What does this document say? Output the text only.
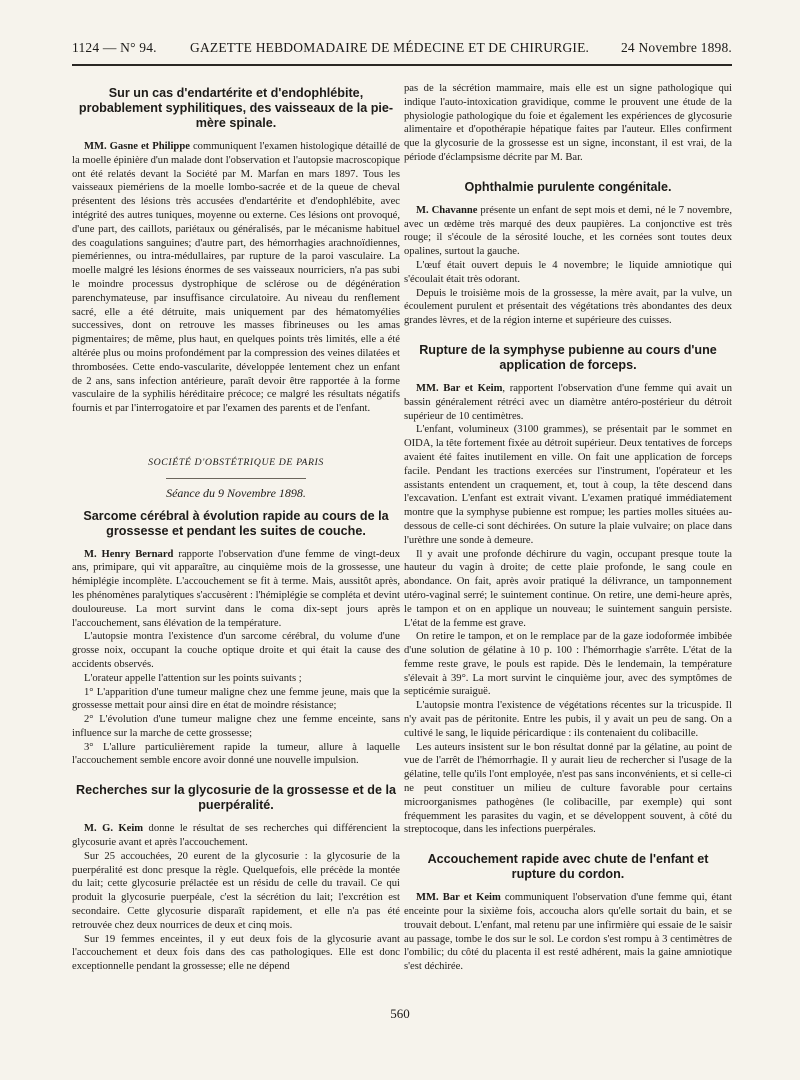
1124 — N° 94. GAZETTE HEBDOMADAIRE DE MÉDECINE ET DE CHIRURGIE. 24 Novembre 1898.
Sur un cas d'endartérite et d'endophlébite, probablement syphilitiques, des vaisseaux de la pie-mère spinale.

MM. Gasne et Philippe communiquent l'examen histologique détaillé de la moelle épinière d'un malade dont l'observation et l'autopsie macroscopique ont été relatés devant la Société par M. Marfan en mars 1897. Tous les vaisseaux piemériens de la moelle lombo-sacrée et de la queue de cheval présentent des lésions très accusées d'endartérite et d'endophlébite, avec intégrité des autres tuniques, moyenne ou externe. Ces lésions ont provoqué, d'une part, des caillots, pariétaux ou généralisés, par le mécanisme habituel des coagulations sanguines; d'autre part, des hémorrhagies arachnoïdiennes, piemériennes, ou intra-médullaires, par rupture de la paroi vasculaire. La moelle malgré les lésions énormes de ses vaisseaux nourriciers, n'a pas subi le moindre processus dystrophique de sclérose ou de dégénération parenchymateuse, par insuffisance circulatoire. Au niveau du renflement sacré, elle a été détruite, mais uniquement par des hématomyélies successives, dont on retrouve les masses fibrineuses ou les amas pigmentaires; de même, plus haut, en quelques points très limités, elle a été altérée plus ou moins profondément par la compression des veines dilatées et thrombosées. Cette endo-vascularite, développée lentement chez un enfant de 2 ans, sans infection antérieure, paraît devoir être rapportée à la forme vasculaire de la syphilis héréditaire précoce; ce malgré les résultats négatifs fournis et par l'interrogatoire et par l'examen des parents et de l'enfant.

SOCIÉTÉ D'OBSTÉTRIQUE DE PARIS
Séance du 9 Novembre 1898.
Sarcome cérébral à évolution rapide au cours de la grossesse et pendant les suites de couche.

M. Henry Bernard rapporte l'observation d'une femme de vingt-deux ans, primipare, qui vit apparaître, au cinquième mois de la grossesse, une hémiplégie incomplète. L'accouchement se fit à terme. Mais, aussitôt après, les phénomènes paralytiques s'accusèrent : l'hémiplégie se compléta et devint douloureuse. La mort survint dans le coma dix-sept jours après l'accouchement, sans élévation de la température.

L'autopsie montra l'existence d'un sarcome cérébral, du volume d'une grosse noix, occupant la couche optique droite et qui était la cause des accidents observés.

L'orateur appelle l'attention sur les points suivants ;

1° L'apparition d'une tumeur maligne chez une femme jeune, mais que la grossesse mettait pour ainsi dire en état de moindre résistance;

2° L'évolution d'une tumeur maligne chez une femme enceinte, sans influence sur la marche de cette grossesse;

3° L'allure particulièrement rapide la tumeur, allure à laquelle l'accouchement semble encore avoir donné une nouvelle impulsion.

Recherches sur la glycosurie de la grossesse et de la puerpéralité.

M. G. Keim donne le résultat de ses recherches qui différencient la glycosurie avant et après l'accouchement.

Sur 25 accouchées, 20 eurent de la glycosurie : la glycosurie de la puerpéralité est donc presque la règle. Quelquefois, elle précède la montée du lait; cette glycosurie prélactée est un résidu de celle du travail. Ce qui produit la glycosurie puerpéale, c'est la sécrétion du lait; l'excrétion est secondaire. Cette glycosurie disparaît rapidement, et elle n'a pas été retrouvée chez deux nourrices de deux et cinq mois.

Sur 19 femmes enceintes, il y eut deux fois de la glycosurie avant l'accouchement et deux fois dans des cas pathologiques. Elle est donc exceptionnelle pendant la grossesse; elle ne dépend

pas de la sécrétion mammaire, mais elle est un signe pathologique qui indique l'auto-intoxication gravidique, comme le prouvent une étude de la physiologie pathologique du foie et également les expériences de glycosurie alimentaire et d'opothérapie hépatique faites par l'auteur. Elles confirment que la glycosurie de la grossesse est un signe, inconstant, il est vrai, de la période d'éclampsisme décrite par M. Bar.

Ophthalmie purulente congénitale.

M. Chavanne présente un enfant de sept mois et demi, né le 7 novembre, avec un œdème très marqué des deux paupières. La conjonctive est très rouge; il s'écoule de la sérosité louche, et les cornées sont toutes deux opalines, surtout la gauche.

L'œuf était ouvert depuis le 4 novembre; le liquide amniotique qui s'écoulait était très odorant.

Depuis le troisième mois de la grossesse, la mère avait, par la vulve, un écoulement purulent et présentait des végétations très abondantes des deux grandes lèvres, et de la région interne et supérieure des cuisses.

Rupture de la symphyse pubienne au cours d'une application de forceps.

MM. Bar et Keim, rapportent l'observation d'une femme qui avait un bassin généralement rétréci avec un diamètre antéro-postérieur du détroit supérieur de 10 centimètres.

L'enfant, volumineux (3100 grammes), se présentait par le sommet en OIDA, la tête fortement fixée au détroit supérieur. Deux tentatives de forceps avaient été faites inutilement en ville. On fait une application de forceps facile. Pendant les tractions exercées sur l'instrument, l'opérateur et les assistants entendent un craquement, et, tout à coup, la tête descend dans l'excavation. L'enfant est extrait vivant. L'examen pratiqué immédiatement montre que la symphyse pubienne est rompue; les parties molles situées au-dessous de celle-ci sont déchirées. On suture la plaie vulvaire; on place dans l'urèthre une sonde à demeure.

Il y avait une profonde déchirure du vagin, occupant presque toute la hauteur du vagin à droite; de cette plaie profonde, le sang coule en abondance. On fait, après avoir pratiqué la délivrance, un tamponnement utéro-vaginal serré; le suintement continue. On retire, une demi-heure après, le tampon et on en applique un nouveau; le suintement sanguin persiste. L'état de la femme est grave.

On retire le tampon, et on le remplace par de la gaze iodoformée imbibée d'une solution de gélatine à 10 p. 100 : l'hémorrhagie s'arrête. L'état de la femme reste grave, le pouls est rapide. Dès le lendemain, la température s'élevait à 39°. La mort survint le cinquième jour, avec des symptômes de septicémie suraiguë.

L'autopsie montra l'existence de végétations récentes sur la tricuspide. Il n'y avait pas de péritonite. Entre les pubis, il y avait un peu de sang. On a cultivé le sang, le liquide péricardique : ils contenaient du colibacille.

Les auteurs insistent sur le bon résultat donné par la gélatine, au point de vue de l'arrêt de l'hémorrhagie. Il y aurait lieu de rechercher si l'usage de la gélatine, telle qu'ils l'ont employée, n'est pas sans inconvénients, et si celle-ci ne peut constituer un milieu de culture favorable pour certains microorganismes pathogènes (le colibacille, par exemple) qui sont fréquemment les parasites du vagin, et se développent souvent, à côté du streptocoque, dans les infections puerpérales.

Accouchement rapide avec chute de l'enfant et rupture du cordon.

MM. Bar et Keim communiquent l'observation d'une femme qui, étant enceinte pour la sixième fois, accoucha alors qu'elle sortait du bain, et se trouvait debout. L'enfant, mal retenu par une infirmière qui essaie de le saisir au passage, tombe le dos sur le sol. Le cordon s'est rompu à 3 centimètres de l'ombilic; du côté du placenta il est resté adhérent, mais la gaine amniotique s'est déchirée.

560
